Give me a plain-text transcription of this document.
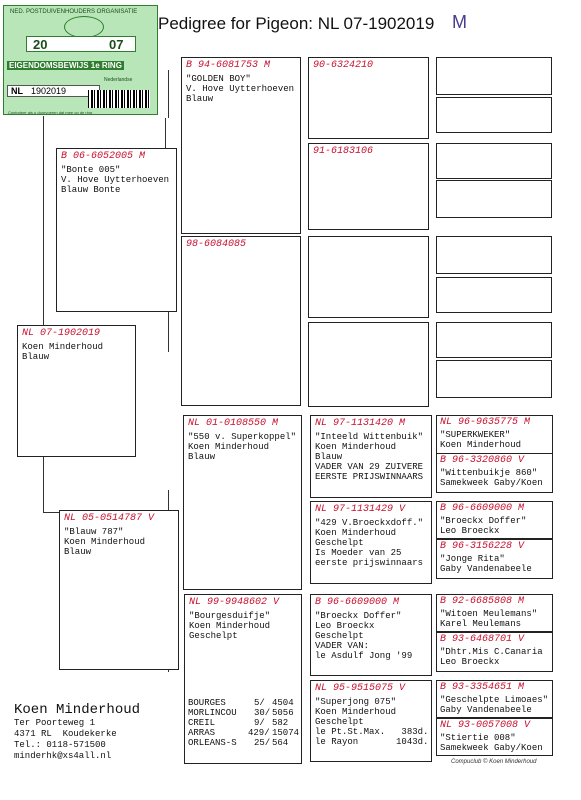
Pedigree for Pigeon: NL 07-1902019 M
NED. POSTDUIVENHOUDERS ORGANISATIE
20	07
EIGENDOMSBEWIJS 1e RING
NL 1902019
Nederlandse
Controleer als u doorvoeren dat mee op de ring
NL 07-1902019
Koen Minderhoud
Blauw
B 06-6052005 M
"Bonte 005"
V. Hove Uytterhoeven
Blauw Bonte
NL 05-0514787 V
"Blauw 787"
Koen Minderhoud
Blauw
B 94-6081753 M
"GOLDEN BOY"
V. Hove Uytterhoeven
Blauw
98-6084085
NL 01-0108550 M
"550 v. Superkoppel"
Koen Minderhoud
Blauw
NL 99-9948602 V
"Bourgesduifje"
Koen Minderhoud
Geschelpt
BOURGES	5/ 4504

MORLINCOU 30/ 5056

CREIL	9/ 582

ARRAS	429/ 15074

ORLEANS-S 25/ 564
90-6324210
91-6183106
NL 97-1131420 M
"Inteeld Wittenbuik"
Koen Minderhoud
Blauw
VADER VAN 29 ZUIVERE
EERSTE PRIJSWINNAARS
NL 97-1131429 V
"429 V.Broeckxdoff."
Koen Minderhoud
Geschelpt
Is Moeder van 25
eerste prijswinnaars
B 96-6609000 M
"Broeckx Doffer"
Leo Broeckx
Geschelpt
VADER VAN:
le Asdulf Jong '99
NL 95-9515075 V
"Superjong 075"
Koen Minderhoud
Geschelpt
le Pt.St.Max.   383d.
le Rayon       1043d.
NL 96-9635775 M
"SUPERKWEKER"
Koen Minderhoud
B 96-3320860 V
"Wittenbuikje 860"
Samekweek Gaby/Koen
B 96-6609000 M
"Broeckx Doffer"
Leo Broeckx
B 96-3156228 V
"Jonge Rita"
Gaby Vandenabeele
B 92-6685808 M
"Witoen Meulemans"
Karel Meulemans
B 93-6468701 V
"Dhtr.Mis C.Canaria
Leo Broeckx
B 93-3354651 M
"Geschelpte Limoaes"
Gaby Vandenabeele
NL 93-0057008 V
"Stiertie 008"
Samekweek Gaby/Koen
Koen Minderhoud
Ter Poorteweg 1
4371 RL  Koudekerke
Tel.: 0118-571500
minderhk@xs4all.nl
Compuclub © Koen Minderhoud
